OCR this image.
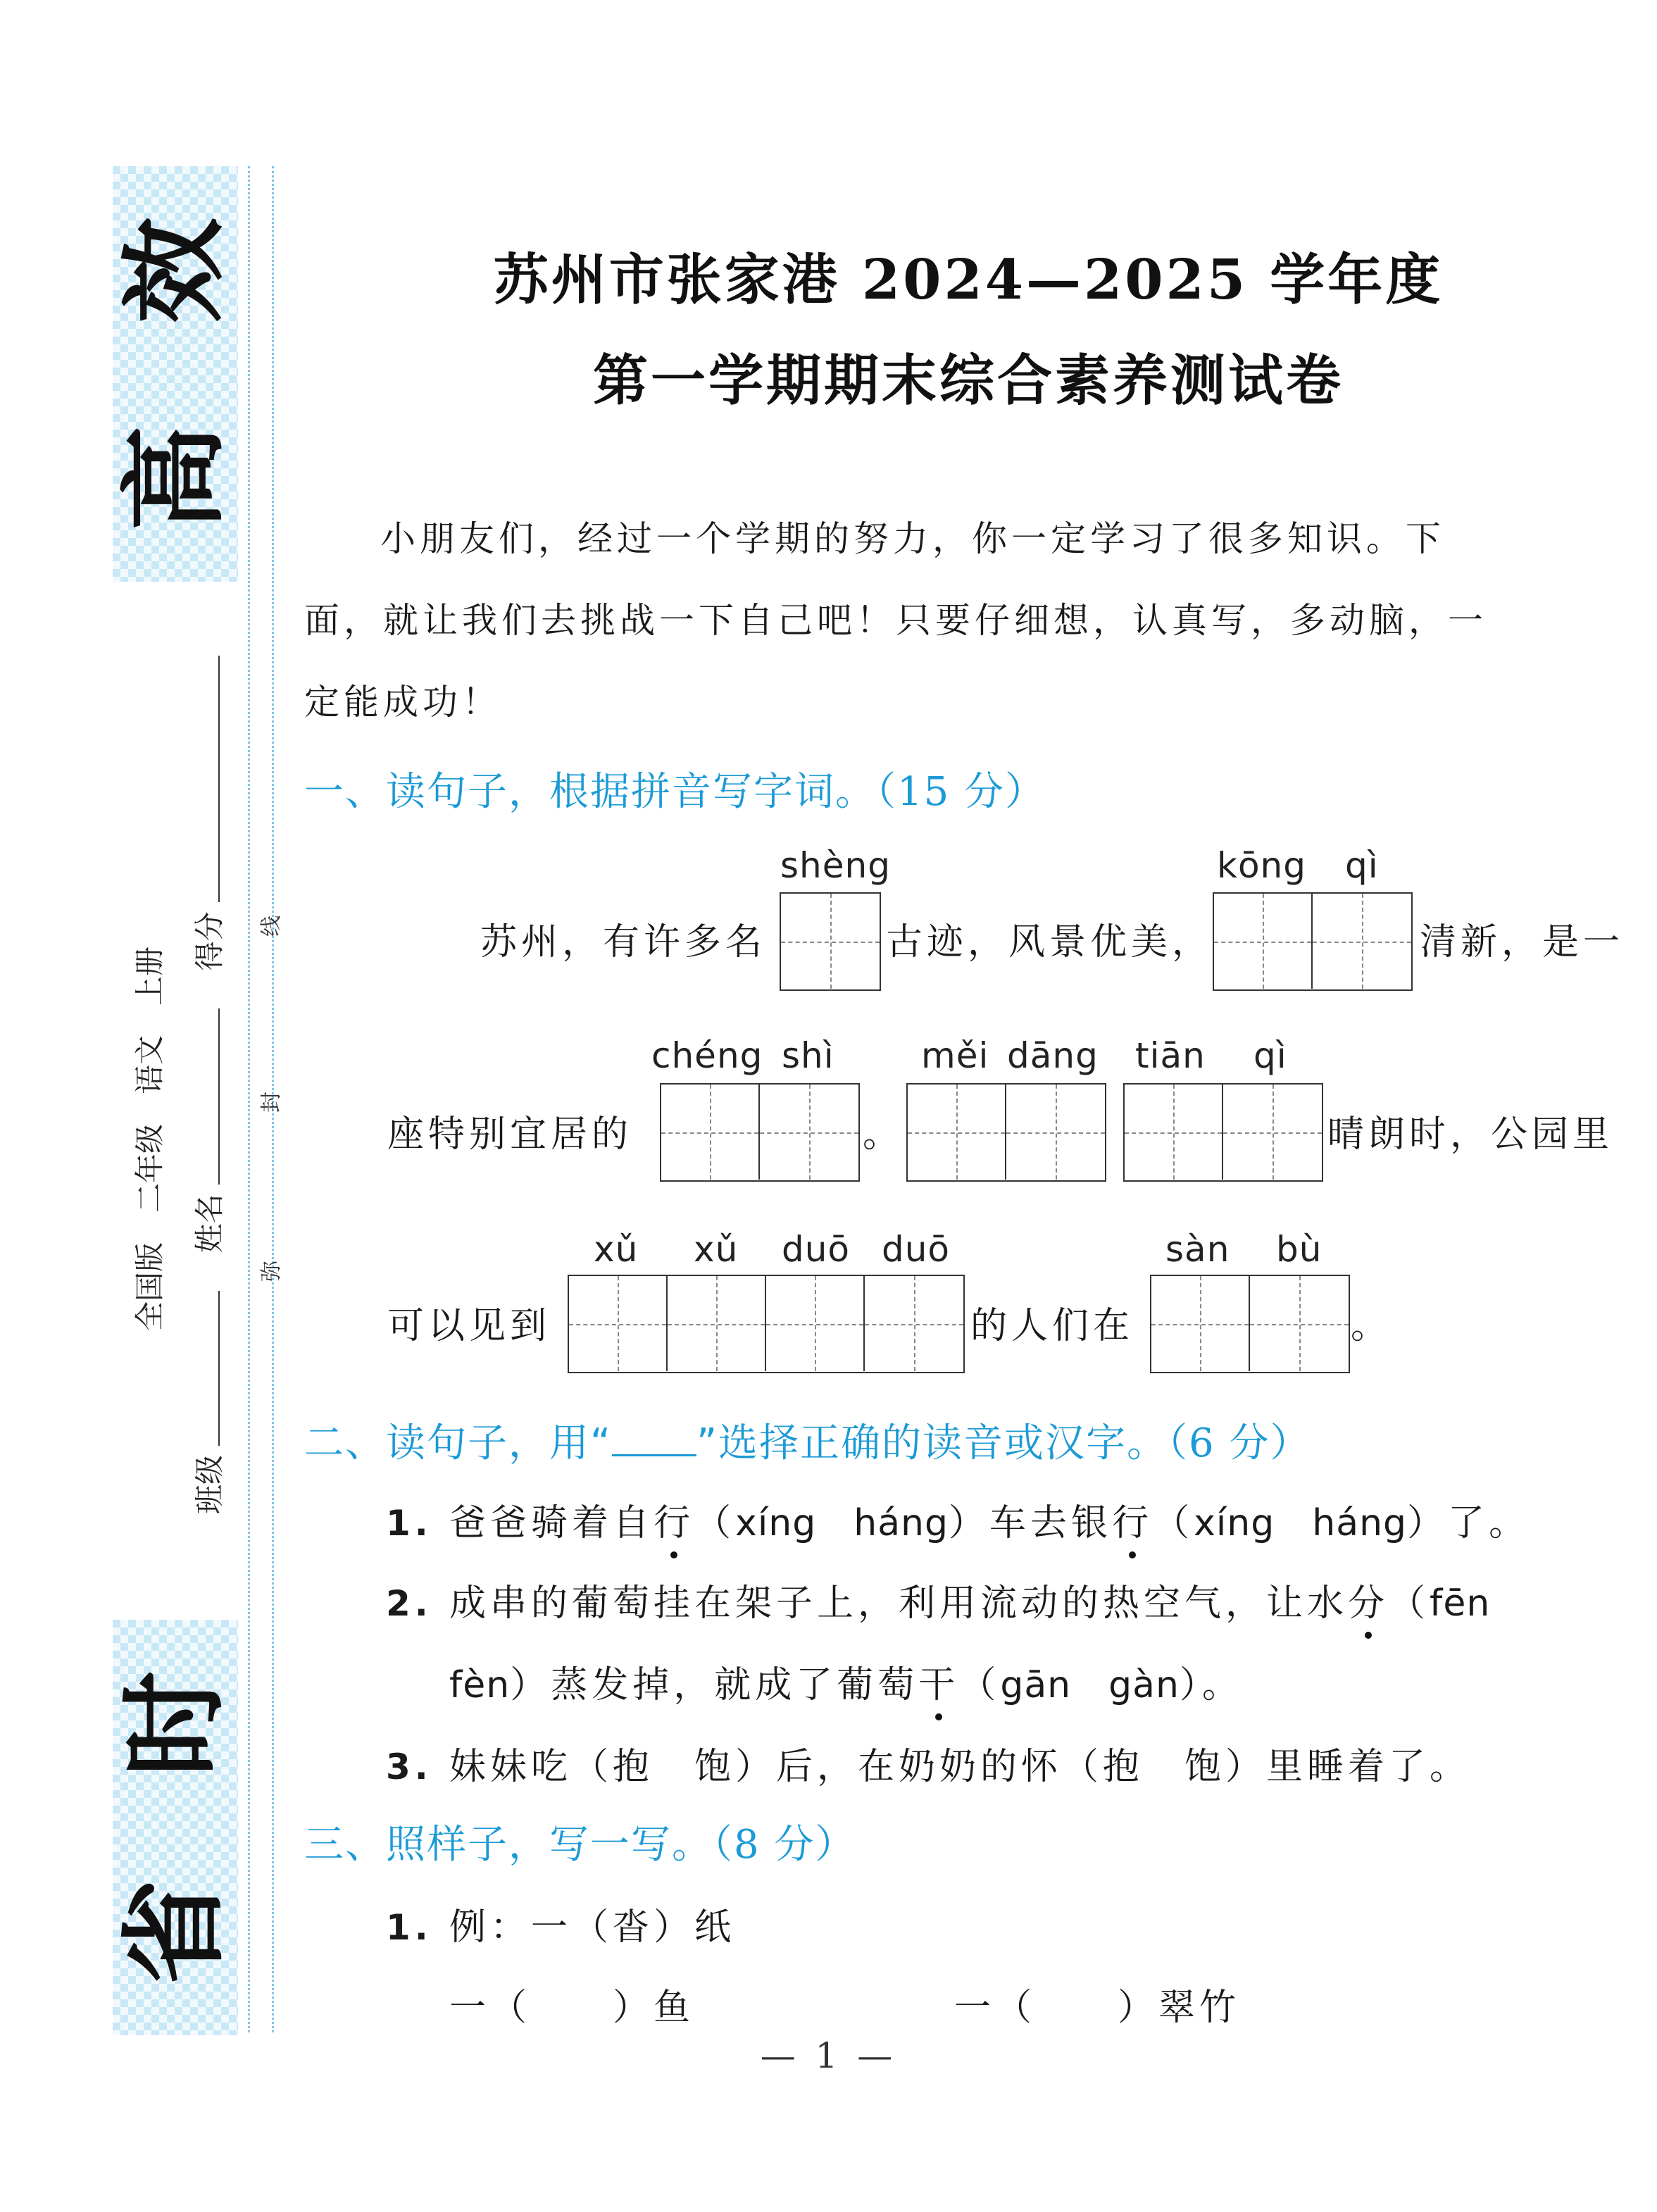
效
高
时
省
全国版　二年级　语文　上册
班级  姓名  得分
弥
封
线
苏州市张家港 2024—2025 学年度
第一学期期末综合素养测试卷
小朋友们，经过一个学期的努力，你一定学习了很多知识。下
面，就让我们去挑战一下自己吧！只要仔细想，认真写，多动脑，一
定能成功！
一、读句子，根据拼音写字词。（15 分）
shèng	kōng qì
苏州，有许多名	古迹，风景优美，	清新，是一
chéng shì měi dāng tiān qì
座特别宜居的	。	晴朗时，公园里
xǔ xǔ duō duō	sàn bù
可以见到	的人们在	。
二、读句子，用“ ”选择正确的读音或汉字。（6 分）
1. 爸爸骑着自行（xíng　háng）车去银行（xíng　háng）了。
2. 成串的葡萄挂在架子上，利用流动的热空气，让水分（fēn
fèn）蒸发掉，就成了葡萄干（gān　gàn）。
3. 妹妹吃（抱　饱）后，在奶奶的怀（抱　饱）里睡着了。
三、照样子，写一写。（8 分）
1. 例：一（沓）纸
一（　　）鱼	一（　　）翠竹
— 1 —
